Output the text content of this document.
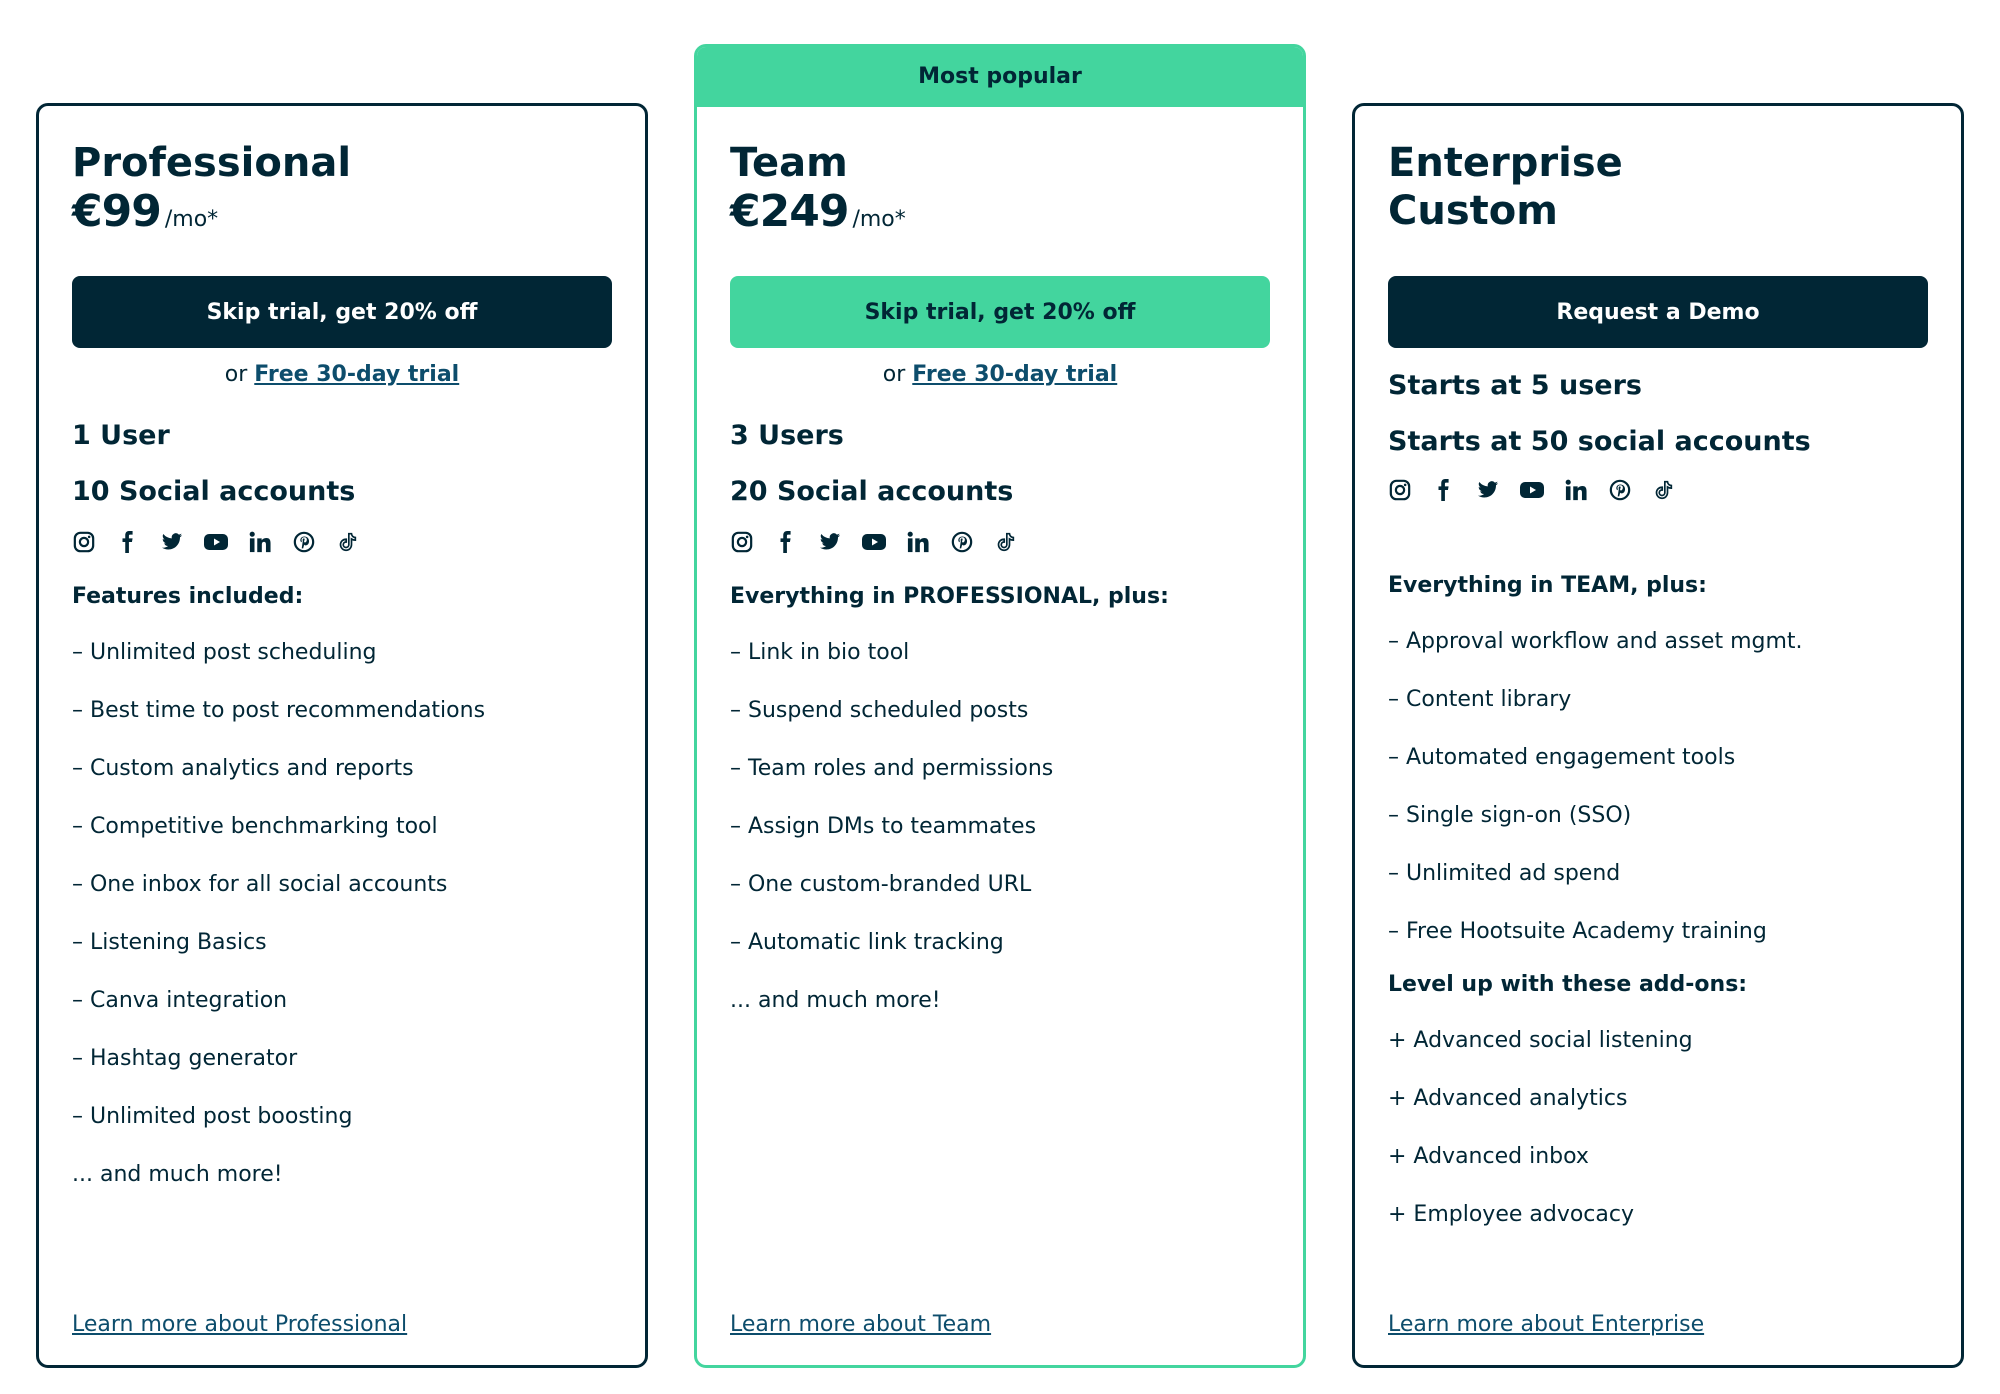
Professional
€99 /mo*
Skip trial, get 20% off
or Free 30-day trial
1 User
10 Social accounts
Features included:
– Unlimited post scheduling
– Best time to post recommendations
– Custom analytics and reports
– Competitive benchmarking tool
– One inbox for all social accounts
– Listening Basics
– Canva integration
– Hashtag generator
– Unlimited post boosting
... and much more!
Learn more about Professional
Most popular
Team
€249 /mo*
Skip trial, get 20% off
or Free 30-day trial
3 Users
20 Social accounts
Everything in PROFESSIONAL, plus:
– Link in bio tool
– Suspend scheduled posts
– Team roles and permissions
– Assign DMs to teammates
– One custom-branded URL
– Automatic link tracking
... and much more!
Learn more about Team
Enterprise
Custom
Request a Demo
Starts at 5 users
Starts at 50 social accounts
Everything in TEAM, plus:
– Approval workflow and asset mgmt.
– Content library
– Automated engagement tools
– Single sign-on (SSO)
– Unlimited ad spend
– Free Hootsuite Academy training
Level up with these add-ons:
+ Advanced social listening
+ Advanced analytics
+ Advanced inbox
+ Employee advocacy
Learn more about Enterprise
